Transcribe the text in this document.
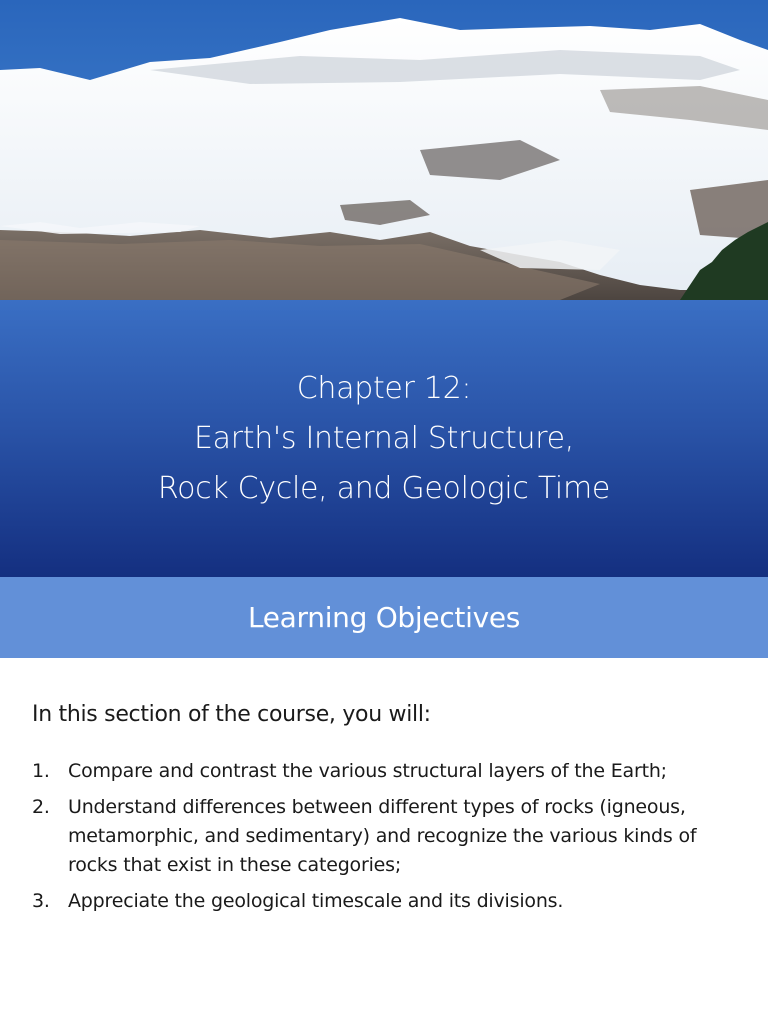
Chapter 12:
Earth's Internal Structure,
Rock Cycle, and Geologic Time
Learning Objectives
In this section of the course, you will:
1. Compare and contrast the various structural layers of the Earth;
2. Understand differences between different types of rocks (igneous, metamorphic, and sedimentary) and recognize the various kinds of rocks that exist in these categories;
3. Appreciate the geological timescale and its divisions.
